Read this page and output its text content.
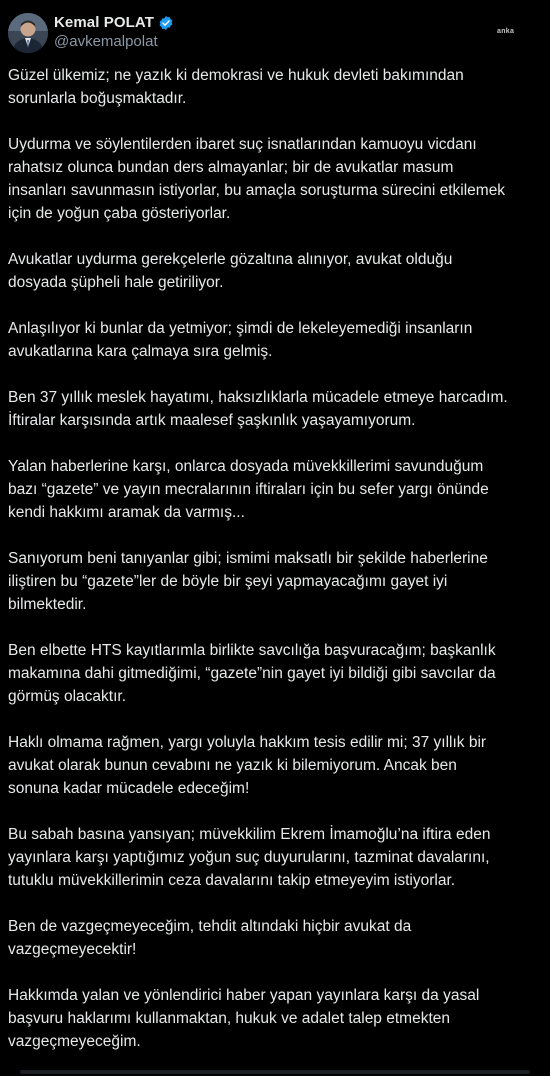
Kemal POLAT
@avkemalpolat
anka

Güzel ülkemiz; ne yazık ki demokrasi ve hukuk devleti bakımından
sorunlarla boğuşmaktadır.

Uydurma ve söylentilerden ibaret suç isnatlarından kamuoyu vicdanı
rahatsız olunca bundan ders almayanlar; bir de avukatlar masum
insanları savunmasın istiyorlar, bu amaçla soruşturma sürecini etkilemek
için de yoğun çaba gösteriyorlar.

Avukatlar uydurma gerekçelerle gözaltına alınıyor, avukat olduğu
dosyada şüpheli hale getiriliyor.

Anlaşılıyor ki bunlar da yetmiyor; şimdi de lekeleyemediği insanların
avukatlarına kara çalmaya sıra gelmiş.

Ben 37 yıllık meslek hayatımı, haksızlıklarla mücadele etmeye harcadım.
İftiralar karşısında artık maalesef şaşkınlık yaşayamıyorum.

Yalan haberlerine karşı, onlarca dosyada müvekkillerimi savunduğum
bazı “gazete” ve yayın mecralarının iftiraları için bu sefer yargı önünde
kendi hakkımı aramak da varmış...

Sanıyorum beni tanıyanlar gibi; ismimi maksatlı bir şekilde haberlerine
iliştiren bu “gazete”ler de böyle bir şeyi yapmayacağımı gayet iyi
bilmektedir.

Ben elbette HTS kayıtlarımla birlikte savcılığa başvuracağım; başkanlık
makamına dahi gitmediğimi, “gazete”nin gayet iyi bildiği gibi savcılar da
görmüş olacaktır.

Haklı olmama rağmen, yargı yoluyla hakkım tesis edilir mi; 37 yıllık bir
avukat olarak bunun cevabını ne yazık ki bilemiyorum. Ancak ben
sonuna kadar mücadele edeceğim!

Bu sabah basına yansıyan; müvekkilim Ekrem İmamoğlu’na iftira eden
yayınlara karşı yaptığımız yoğun suç duyurularını, tazminat davalarını,
tutuklu müvekkillerimin ceza davalarını takip etmeyeyim istiyorlar.

Ben de vazgeçmeyeceğim, tehdit altındaki hiçbir avukat da
vazgeçmeyecektir!

Hakkımda yalan ve yönlendirici haber yapan yayınlara karşı da yasal
başvuru haklarımı kullanmaktan, hukuk ve adalet talep etmekten
vazgeçmeyeceğim.
